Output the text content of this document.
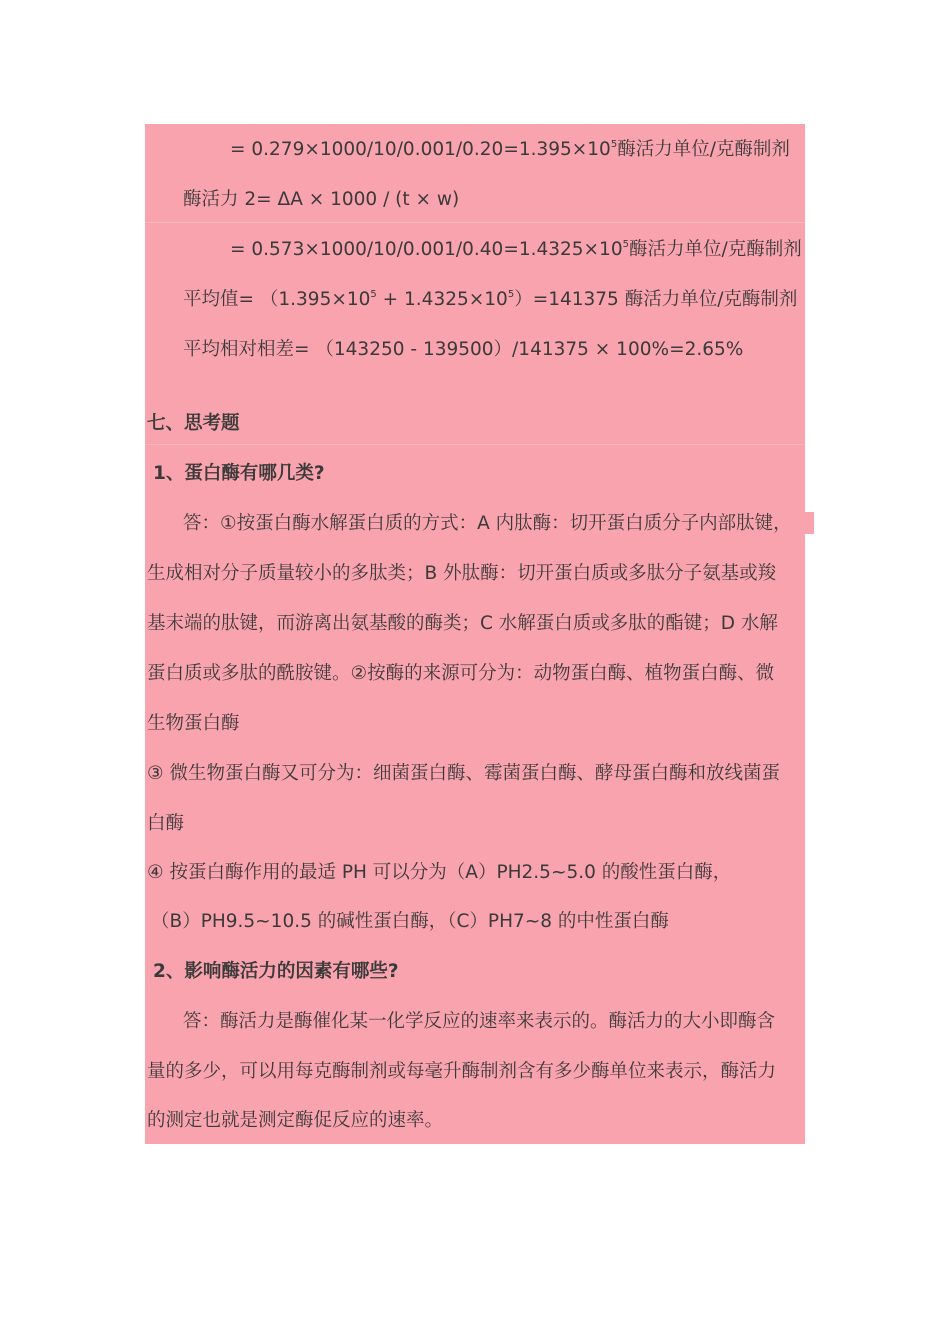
= $0.279\times 1000/10/0.001/0.20=1.395\times 10^5$酶活力单位/克酶制剂
酶活力 2= ΔA × 1000 / (t × w)
= $0.573\times 1000/10/0.001/0.40=1.4325\times 10^5$酶活力单位/克酶制剂
平均值= $(1.395\times 10^5 + 1.4325\times 10^5)=141375$ 酶活力单位/克酶制剂
平均相对相差= （143250 - 139500）/141375 × 100%=2.65%
七、思考题
1、蛋白酶有哪几类?
答：①按蛋白酶水解蛋白质的方式：A 内肽酶：切开蛋白质分子内部肽键，
生成相对分子质量较小的多肽类；B 外肽酶：切开蛋白质或多肽分子氨基或羧
基末端的肽键，而游离出氨基酸的酶类；C 水解蛋白质或多肽的酯键；D 水解
蛋白质或多肽的酰胺键。②按酶的来源可分为：动物蛋白酶、植物蛋白酶、微
生物蛋白酶
③ 微生物蛋白酶又可分为：细菌蛋白酶、霉菌蛋白酶、酵母蛋白酶和放线菌蛋
白酶
④ 按蛋白酶作用的最适 PH 可以分为（A）PH2.5~5.0 的酸性蛋白酶，
（B）PH9.5~10.5 的碱性蛋白酶，（C）PH7~8 的中性蛋白酶
2、影响酶活力的因素有哪些?
答：酶活力是酶催化某一化学反应的速率来表示的。酶活力的大小即酶含
量的多少，可以用每克酶制剂或每毫升酶制剂含有多少酶单位来表示，酶活力
的测定也就是测定酶促反应的速率。
